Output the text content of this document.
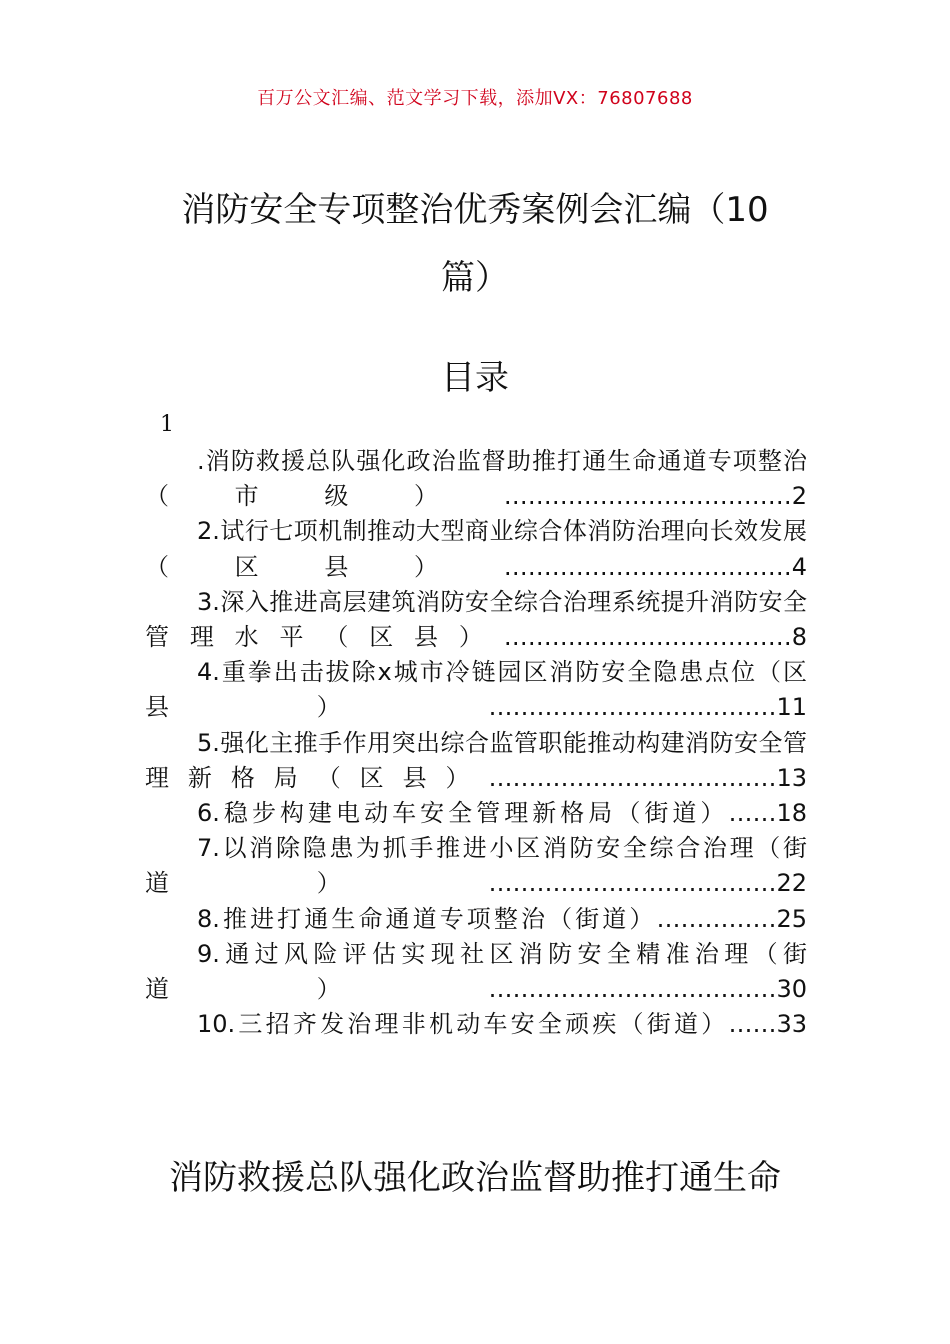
百万公文汇编、范文学习下载，添加VX：76807688
消防安全专项整治优秀案例会汇编（10
篇）
目录
1

.消防救援总队强化政治监督助推打通生命通道专项整治（市级）………………………………2

2.试行七项机制推动大型商业综合体消防治理向长效发展（区县）………………………………4

3.深入推进高层建筑消防安全综合治理系统提升消防安全管理水平（区县）………………………………8

4.重拳出击拔除x城市冷链园区消防安全隐患点位（区县）………………………………11

5.强化主推手作用突出综合监管职能推动构建消防安全管理新格局（区县）………………………………13

6.稳步构建电动车安全管理新格局（街道）……18

7.以消除隐患为抓手推进小区消防安全综合治理（街道）………………………………22

8.推进打通生命通道专项整治（街道）……………25

9.通过风险评估实现社区消防安全精准治理（街道）………………………………30

10.三招齐发治理非机动车安全顽疾（街道）……33

消防救援总队强化政治监督助推打通生命
